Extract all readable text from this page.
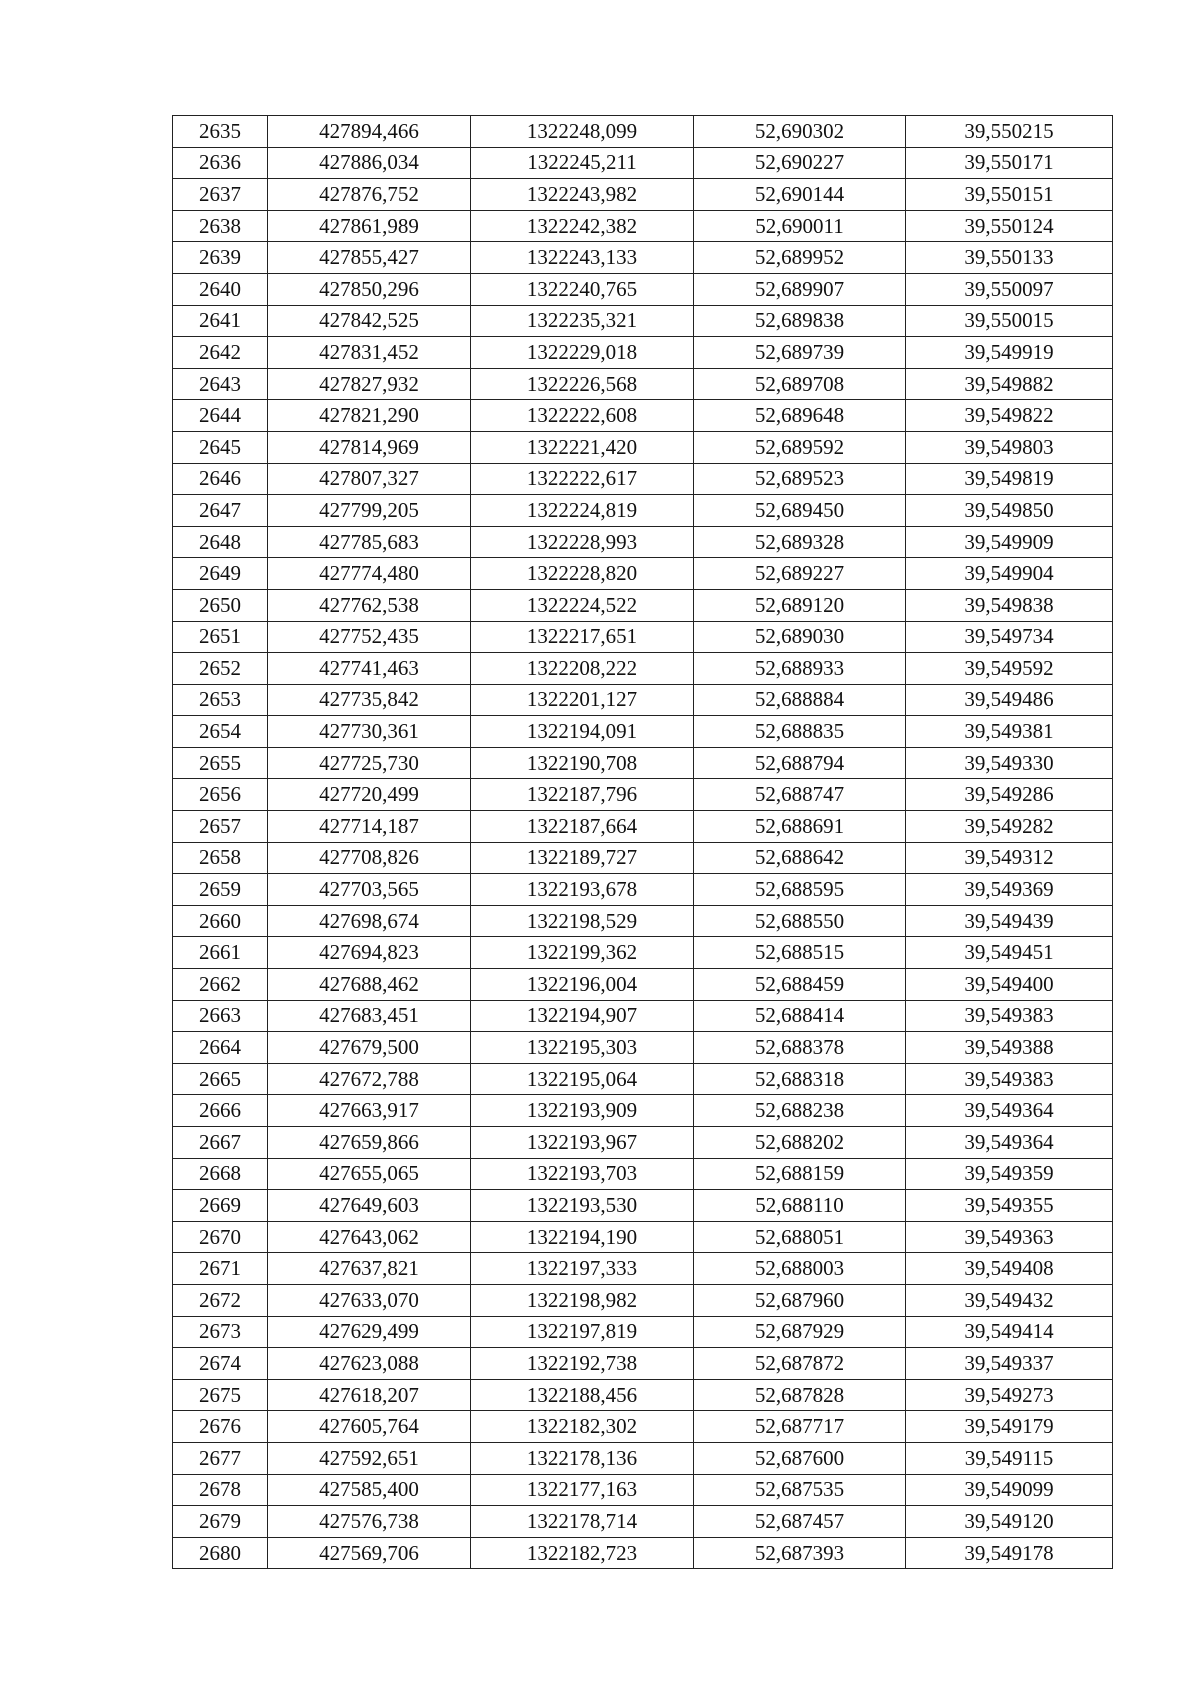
2635	427894,466	1322248,099	52,690302	39,550215
2636	427886,034	1322245,211	52,690227	39,550171
2637	427876,752	1322243,982	52,690144	39,550151
2638	427861,989	1322242,382	52,690011	39,550124
2639	427855,427	1322243,133	52,689952	39,550133
2640	427850,296	1322240,765	52,689907	39,550097
2641	427842,525	1322235,321	52,689838	39,550015
2642	427831,452	1322229,018	52,689739	39,549919
2643	427827,932	1322226,568	52,689708	39,549882
2644	427821,290	1322222,608	52,689648	39,549822
2645	427814,969	1322221,420	52,689592	39,549803
2646	427807,327	1322222,617	52,689523	39,549819
2647	427799,205	1322224,819	52,689450	39,549850
2648	427785,683	1322228,993	52,689328	39,549909
2649	427774,480	1322228,820	52,689227	39,549904
2650	427762,538	1322224,522	52,689120	39,549838
2651	427752,435	1322217,651	52,689030	39,549734
2652	427741,463	1322208,222	52,688933	39,549592
2653	427735,842	1322201,127	52,688884	39,549486
2654	427730,361	1322194,091	52,688835	39,549381
2655	427725,730	1322190,708	52,688794	39,549330
2656	427720,499	1322187,796	52,688747	39,549286
2657	427714,187	1322187,664	52,688691	39,549282
2658	427708,826	1322189,727	52,688642	39,549312
2659	427703,565	1322193,678	52,688595	39,549369
2660	427698,674	1322198,529	52,688550	39,549439
2661	427694,823	1322199,362	52,688515	39,549451
2662	427688,462	1322196,004	52,688459	39,549400
2663	427683,451	1322194,907	52,688414	39,549383
2664	427679,500	1322195,303	52,688378	39,549388
2665	427672,788	1322195,064	52,688318	39,549383
2666	427663,917	1322193,909	52,688238	39,549364
2667	427659,866	1322193,967	52,688202	39,549364
2668	427655,065	1322193,703	52,688159	39,549359
2669	427649,603	1322193,530	52,688110	39,549355
2670	427643,062	1322194,190	52,688051	39,549363
2671	427637,821	1322197,333	52,688003	39,549408
2672	427633,070	1322198,982	52,687960	39,549432
2673	427629,499	1322197,819	52,687929	39,549414
2674	427623,088	1322192,738	52,687872	39,549337
2675	427618,207	1322188,456	52,687828	39,549273
2676	427605,764	1322182,302	52,687717	39,549179
2677	427592,651	1322178,136	52,687600	39,549115
2678	427585,400	1322177,163	52,687535	39,549099
2679	427576,738	1322178,714	52,687457	39,549120
2680	427569,706	1322182,723	52,687393	39,549178
